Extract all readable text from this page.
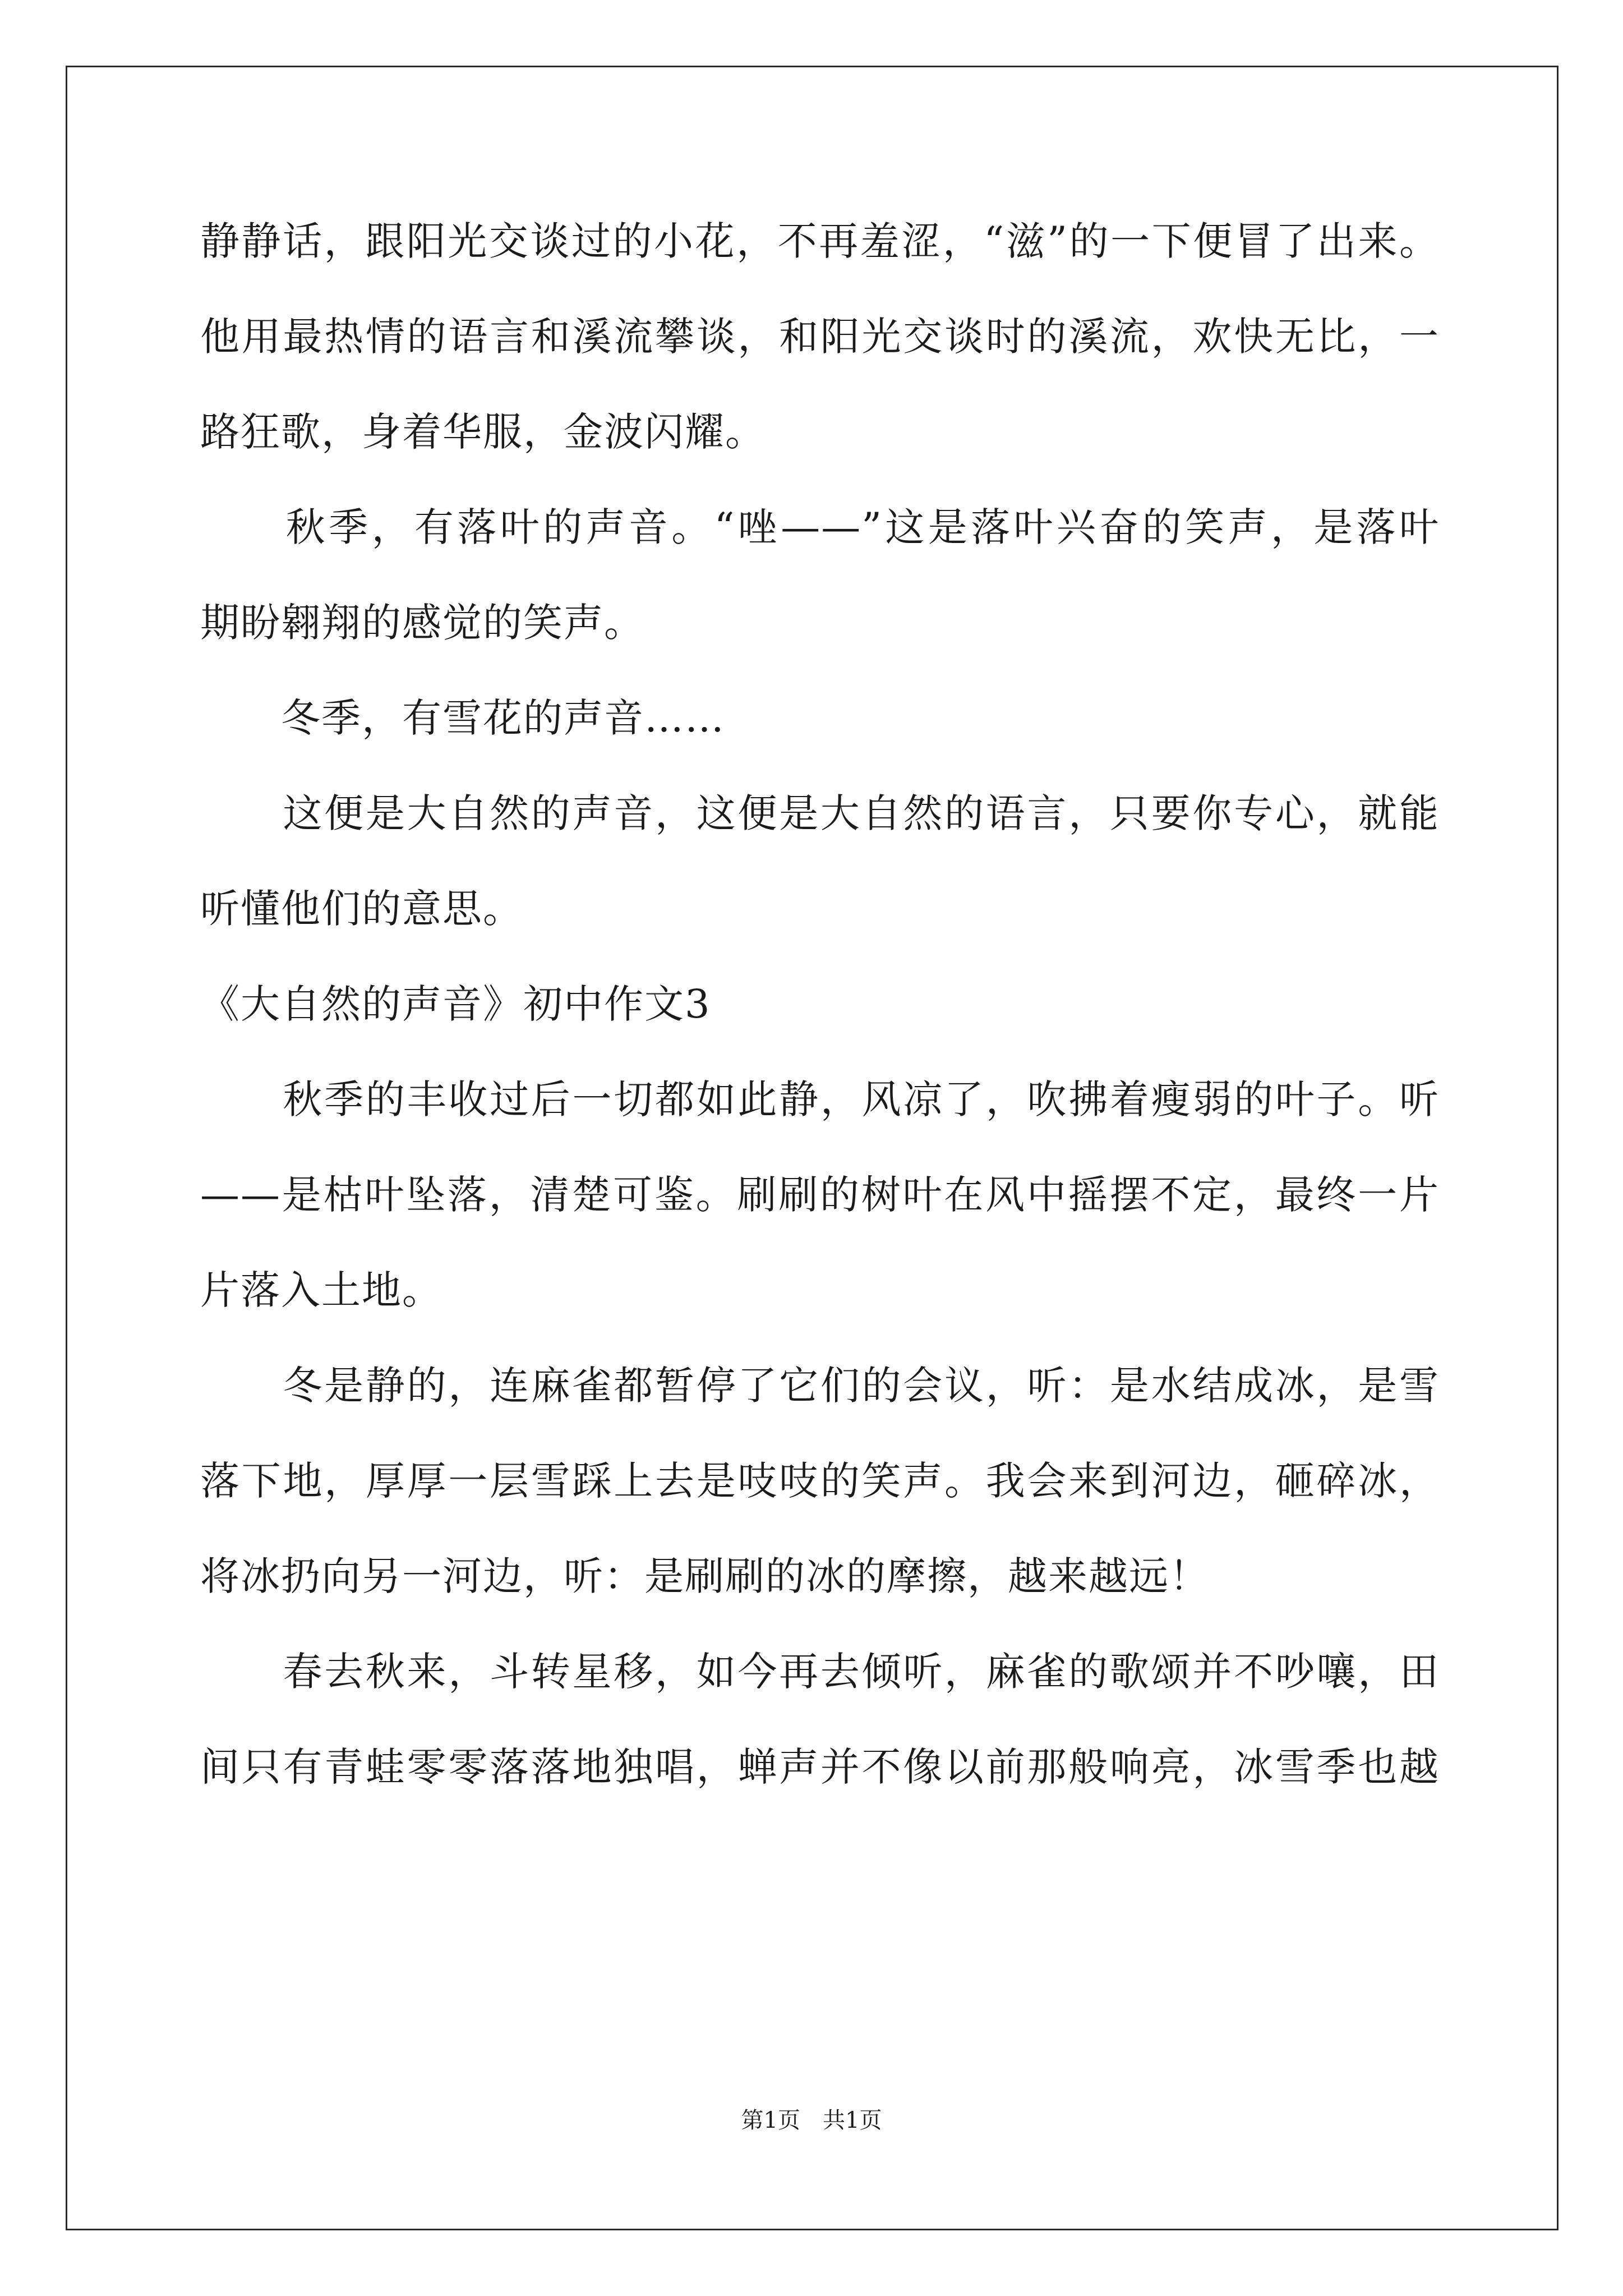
静静话，跟阳光交谈过的小花，不再羞涩，“滋”的一下便冒了出来。
他用最热情的语言和溪流攀谈，和阳光交谈时的溪流，欢快无比，一
路狂歌，身着华服，金波闪耀。
　　秋季，有落叶的声音。“唑——”这是落叶兴奋的笑声，是落叶
期盼翱翔的感觉的笑声。
　　冬季，有雪花的声音……
　　这便是大自然的声音，这便是大自然的语言，只要你专心，就能
听懂他们的意思。
《大自然的声音》初中作文3
　　秋季的丰收过后一切都如此静，风凉了，吹拂着瘦弱的叶子。听
——是枯叶坠落，清楚可鉴。刷刷的树叶在风中摇摆不定，最终一片
片落入土地。
　　冬是静的，连麻雀都暂停了它们的会议，听：是水结成冰，是雪
落下地，厚厚一层雪踩上去是吱吱的笑声。我会来到河边，砸碎冰，
将冰扔向另一河边，听：是刷刷的冰的摩擦，越来越远！
　　春去秋来，斗转星移，如今再去倾听，麻雀的歌颂并不吵嚷，田
间只有青蛙零零落落地独唱，蝉声并不像以前那般响亮，冰雪季也越
第1页　共1页
